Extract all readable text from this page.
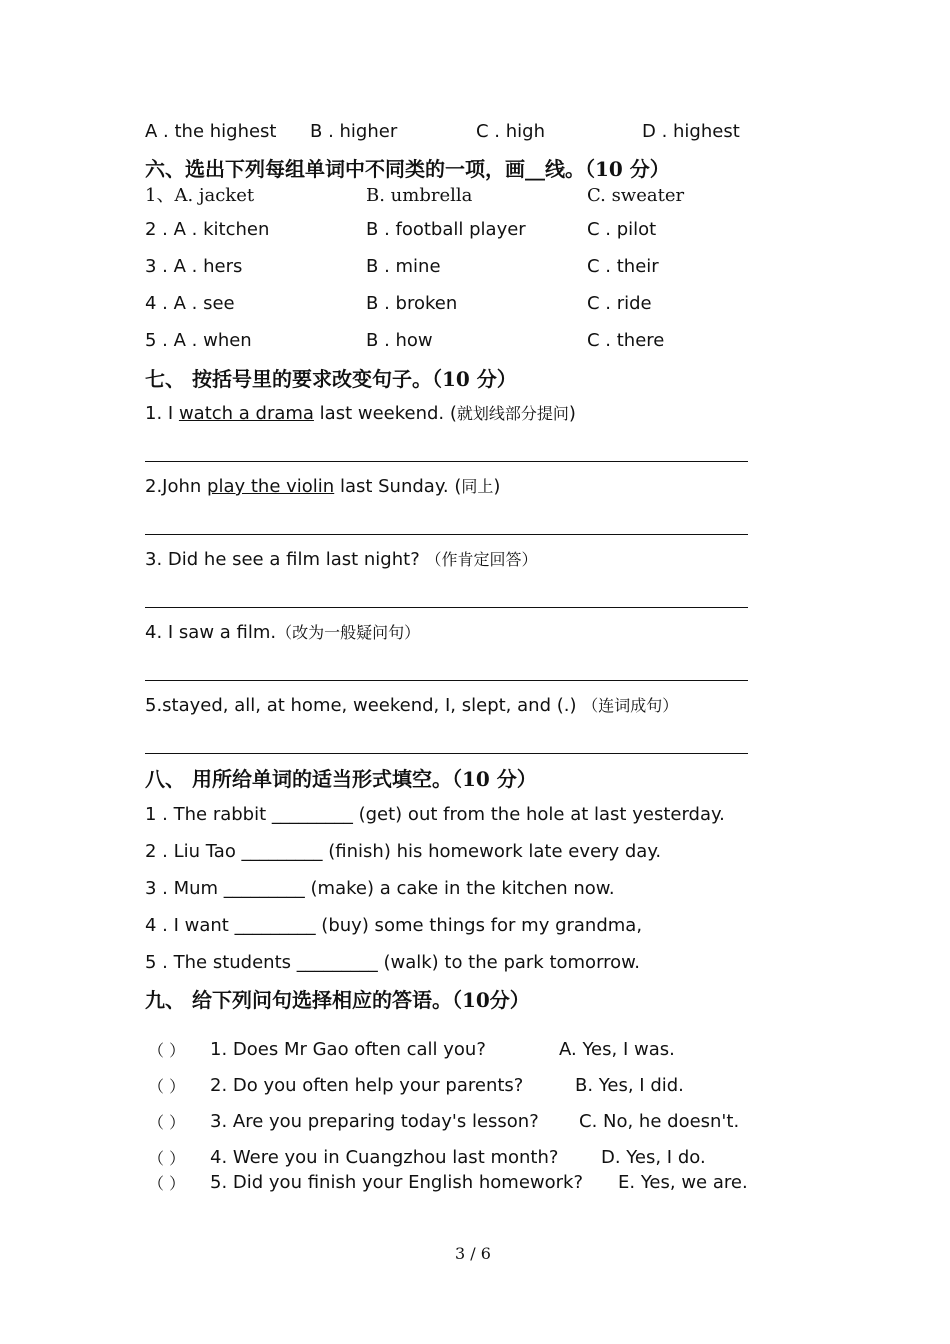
A . the highest B . higher	C . high	D . highest
六、选出下列每组单词中不同类的一项，画__线。（10 分）
1、A. jacket	B. umbrella	C. sweater
2 . A . kitchen	B . football player	C . pilot
3 . A . hers	B . mine	C . their
4 . A . see	B . broken	C . ride
5 . A . when	B . how	C . there
七、 按括号里的要求改变句子。（10 分）
1. I watch a drama last weekend. (就划线部分提问)
2.John play the violin last Sunday. (同上)
3. Did he see a film last night? （作肯定回答）
4. I saw a film.（改为一般疑问句）
5.stayed, all, at home, weekend, I, slept, and (.) （连词成句）
八、 用所给单词的适当形式填空。（10 分）
1 . The rabbit _________ (get) out from the hole at last yesterday.
2 . Liu Tao _________ (finish) his homework late every day.
3 . Mum _________ (make) a cake in the kitchen now.
4 . I want _________ (buy) some things for my grandma,
5 . The students _________ (walk) to the park tomorrow.
九、 给下列问句选择相应的答语。（10分）
（ ） 1. Does Mr Gao often call you?	A. Yes, I was.
（ ） 2. Do you often help your parents?	B. Yes, I did.
（ ） 3. Are you preparing today's lesson? C. No, he doesn't.
（ ） 4. Were you in Cuangzhou last month? D. Yes, I do.
（ ） 5. Did you finish your English homework? E. Yes, we are.
3 / 6
